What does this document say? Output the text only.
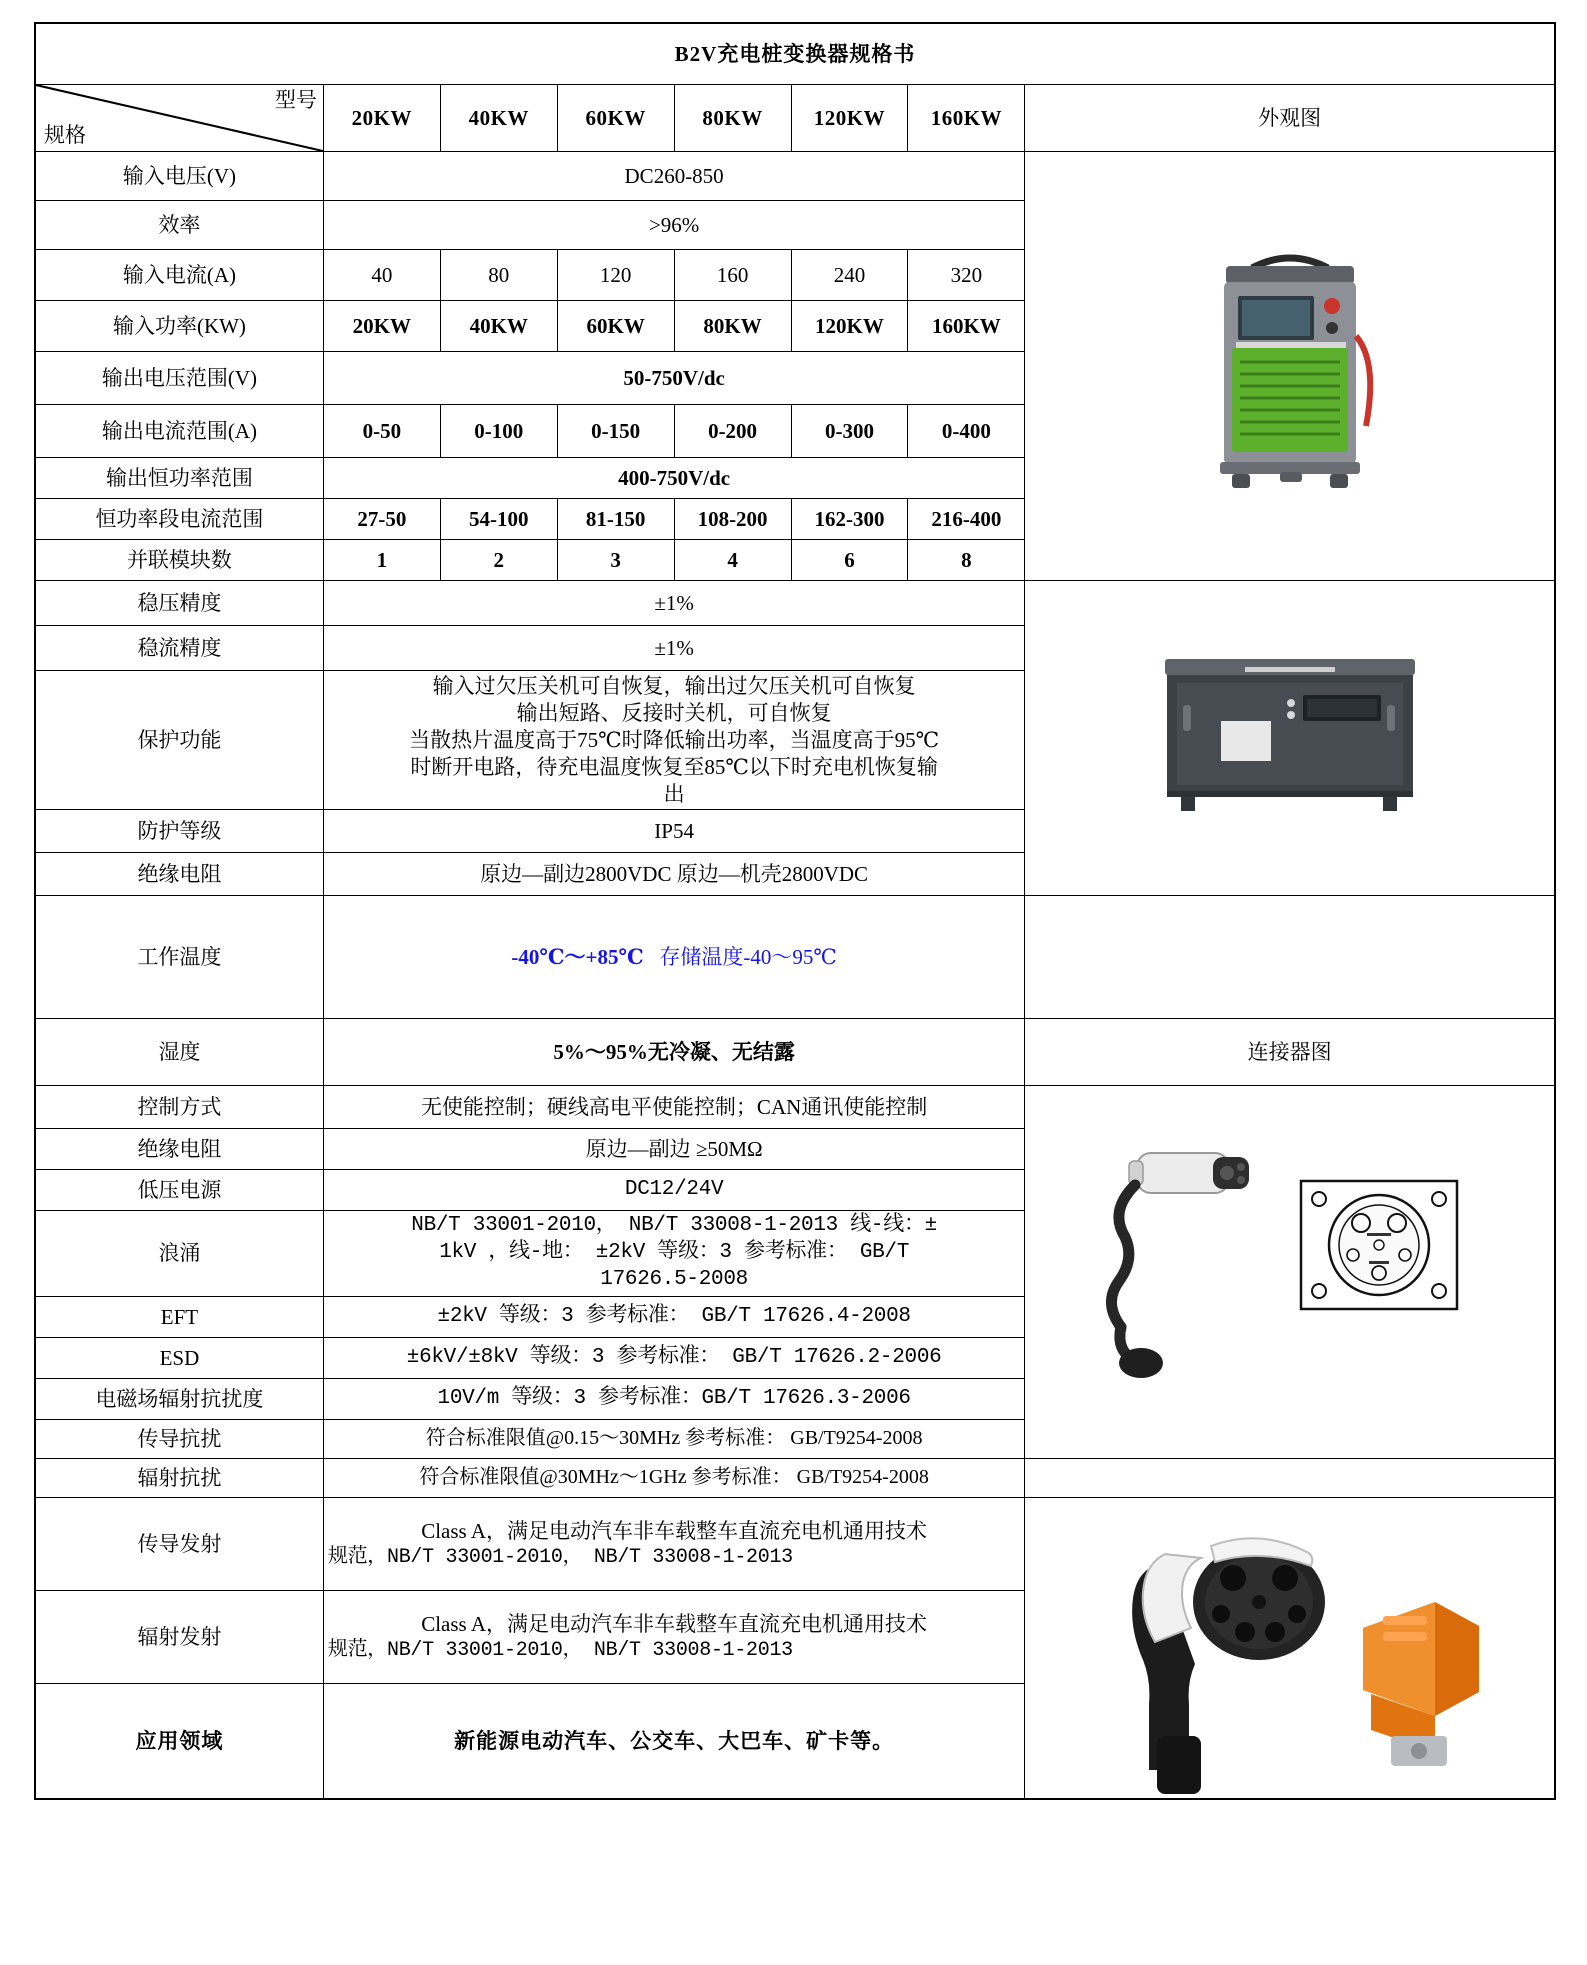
B2V充电桩变换器规格书							

型号
规格	20KW	40KW	60KW	80KW	120KW	160KW	外观图
输入电压(V)	DC260-850	

效率	>96%						
输入电流(A)	40	80	120	160	240	320	
输入功率(KW)	20KW	40KW	60KW	80KW	120KW	160KW	
输出电压范围(V)	50-750V/dc						
输出电流范围(A)	0-50	0-100	0-150	0-200	0-300	0-400	
输出恒功率范围	400-750V/dc						
恒功率段电流范围	27-50	54-100	81-150	108-200	162-300	216-400	
并联模块数	1	2	3	4	6	8	
稳压精度	±1%	

稳流精度	±1%						
保护功能	输入过欠压关机可自恢复，输出过欠压关机可自恢复
输出短路、反接时关机，可自恢复
当散热片温度高于75℃时降低输出功率，当温度高于95℃
时断开电路，待充电温度恢复至85℃以下时充电机恢复输
出						

防护等级	IP54						
绝缘电阻	原边—副边2800VDC 原边—机壳2800VDC						
工作温度	-40℃～+85℃ 存储温度-40～95℃						
湿度	5%～95%无冷凝、无结露						连接器图
控制方式	无使能控制；硬线高电平使能控制；CAN通讯使能控制	

绝缘电阻	原边—副边 ≥50MΩ						
低压电源	DC12/24V						
浪涌	NB/T 33001-2010， NB/T 33008-1-2013 线-线：±
1kV ，线-地： ±2kV 等级：3 参考标准： GB/T
17626.5-2008						

EFT	±2kV 等级：3 参考标准： GB/T 17626.4-2008						
ESD	±6kV/±8kV 等级：3 参考标准： GB/T 17626.2-2006						
电磁场辐射抗扰度	10V/m 等级：3 参考标准：GB/T 17626.3-2006						
传导抗扰	符合标准限值@0.15～30MHz 参考标准： GB/T9254-2008						
辐射抗扰	符合标准限值@30MHz～1GHz 参考标准： GB/T9254-2008						
传导发射	Class A，满足电动汽车非车载整车直流充电机通用技术
规范，NB/T 33001-2010， NB/T 33008-1-2013

辐射发射	Class A，满足电动汽车非车载整车直流充电机通用技术
规范，NB/T 33001-2010， NB/T 33008-1-2013						

应用领域	新能源电动汽车、公交车、大巴车、矿卡等。						
